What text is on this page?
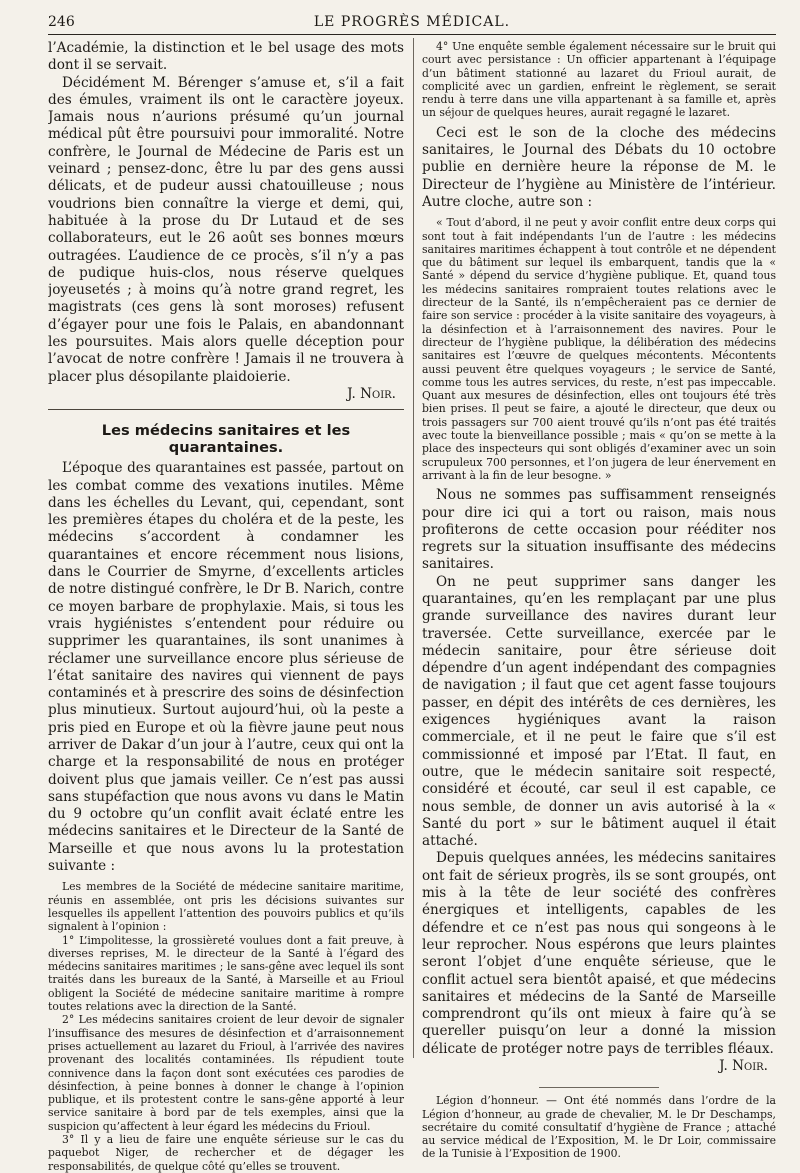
246	LE PROGRÈS MÉDICAL.

l’Académie, la distinction et le bel usage des mots dont il se servait.

Décidément M. Bérenger s’amuse et, s’il a fait des émules, vraiment ils ont le caractère joyeux. Jamais nous n’aurions présumé qu’un journal médical pût être poursuivi pour immoralité. Notre confrère, le Journal de Médecine de Paris est un veinard ; pensez-donc, être lu par des gens aussi délicats, et de pudeur aussi chatouilleuse ; nous voudrions bien connaître la vierge et demi, qui, habituée à la prose du Dr Lutaud et de ses collaborateurs, eut le 26 août ses bonnes mœurs outragées. L’audience de ce procès, s’il n’y a pas de pudique huis-clos, nous réserve quelques joyeusetés ; à moins qu’à notre grand regret, les magistrats (ces gens là sont moroses) refusent d’égayer pour une fois le Palais, en abandonnant les poursuites. Mais alors quelle déception pour l’avocat de notre confrère ! Jamais il ne trouvera à placer plus désopilante plaidoierie.

J. Noir.

Les médecins sanitaires et les quarantaines.

L’époque des quarantaines est passée, partout on les combat comme des vexations inutiles. Même dans les échelles du Levant, qui, cependant, sont les premières étapes du choléra et de la peste, les médecins s’accordent à condamner les quarantaines et encore récemment nous lisions, dans le Courrier de Smyrne, d’excellents articles de notre distingué confrère, le Dr B. Narich, contre ce moyen barbare de prophylaxie. Mais, si tous les vrais hygiénistes s’entendent pour réduire ou supprimer les quarantaines, ils sont unanimes à réclamer une surveillance encore plus sérieuse de l’état sanitaire des navires qui viennent de pays contaminés et à prescrire des soins de désinfection plus minutieux. Surtout aujourd’hui, où la peste a pris pied en Europe et où la fièvre jaune peut nous arriver de Dakar d’un jour à l’autre, ceux qui ont la charge et la responsabilité de nous en protéger doivent plus que jamais veiller. Ce n’est pas aussi sans stupéfaction que nous avons vu dans le Matin du 9 octobre qu’un conflit avait éclaté entre les médecins sanitaires et le Directeur de la Santé de Marseille et que nous avons lu la protestation suivante :

Les membres de la Société de médecine sanitaire maritime, réunis en assemblée, ont pris les décisions suivantes sur lesquelles ils appellent l’attention des pouvoirs publics et qu’ils signalent à l’opinion :

1° L’impolitesse, la grossièreté voulues dont a fait preuve, à diverses reprises, M. le directeur de la Santé à l’égard des médecins sanitaires maritimes ; le sans-gêne avec lequel ils sont traités dans les bureaux de la Santé, à Marseille et au Frioul obligent la Société de médecine sanitaire maritime à rompre toutes relations avec la direction de la Santé.

2° Les médecins sanitaires croient de leur devoir de signaler l’insuffisance des mesures de désinfection et d’arraisonnement prises actuellement au lazaret du Frioul, à l’arrivée des navires provenant des localités contaminées. Ils répudient toute connivence dans la façon dont sont exécutées ces parodies de désinfection, à peine bonnes à donner le change à l’opinion publique, et ils protestent contre le sans-gêne apporté à leur service sanitaire à bord par de tels exemples, ainsi que la suspicion qu’affectent à leur égard les médecins du Frioul.

3° Il y a lieu de faire une enquête sérieuse sur le cas du paquebot Niger, de rechercher et de dégager les responsabilités, de quelque côté qu’elles se trouvent.

4° Une enquête semble également nécessaire sur le bruit qui court avec persistance : Un officier appartenant à l’équipage d’un bâtiment stationné au lazaret du Frioul aurait, de complicité avec un gardien, enfreint le règlement, se serait rendu à terre dans une villa appartenant à sa famille et, après un séjour de quelques heures, aurait regagné le lazaret.

Ceci est le son de la cloche des médecins sanitaires, le Journal des Débats du 10 octobre publie en dernière heure la réponse de M. le Directeur de l’hygiène au Ministère de l’intérieur. Autre cloche, autre son :

« Tout d’abord, il ne peut y avoir conflit entre deux corps qui sont tout à fait indépendants l’un de l’autre : les médecins sanitaires maritimes échappent à tout contrôle et ne dépendent que du bâtiment sur lequel ils embarquent, tandis que la « Santé » dépend du service d’hygiène publique. Et, quand tous les médecins sanitaires rompraient toutes relations avec le directeur de la Santé, ils n’empêcheraient pas ce dernier de faire son service : procéder à la visite sanitaire des voyageurs, à la désinfection et à l’arraisonnement des navires. Pour le directeur de l’hygiène publique, la délibération des médecins sanitaires est l’œuvre de quelques mécontents. Mécontents aussi peuvent être quelques voyageurs ; le service de Santé, comme tous les autres services, du reste, n’est pas impeccable. Quant aux mesures de désinfection, elles ont toujours été très bien prises. Il peut se faire, a ajouté le directeur, que deux ou trois passagers sur 700 aient trouvé qu’ils n’ont pas été traités avec toute la bienveillance possible ; mais « qu’on se mette à la place des inspecteurs qui sont obligés d’examiner avec un soin scrupuleux 700 personnes, et l’on jugera de leur énervement en arrivant à la fin de leur besogne. »

Nous ne sommes pas suffisamment renseignés pour dire ici qui a tort ou raison, mais nous profiterons de cette occasion pour rééditer nos regrets sur la situation insuffisante des médecins sanitaires.

On ne peut supprimer sans danger les quarantaines, qu’en les remplaçant par une plus grande surveillance des navires durant leur traversée. Cette surveillance, exercée par le médecin sanitaire, pour être sérieuse doit dépendre d’un agent indépendant des compagnies de navigation ; il faut que cet agent fasse toujours passer, en dépit des intérêts de ces dernières, les exigences hygiéniques avant la raison commerciale, et il ne peut le faire que s’il est commissionné et imposé par l’Etat. Il faut, en outre, que le médecin sanitaire soit respecté, considéré et écouté, car seul il est capable, ce nous semble, de donner un avis autorisé à la « Santé du port » sur le bâtiment auquel il était attaché.

Depuis quelques années, les médecins sanitaires ont fait de sérieux progrès, ils se sont groupés, ont mis à la tête de leur société des confrères énergiques et intelligents, capables de les défendre et ce n’est pas nous qui songeons à le leur reprocher. Nous espérons que leurs plaintes seront l’objet d’une enquête sérieuse, que le conflit actuel sera bientôt apaisé, et que médecins sanitaires et médecins de la Santé de Marseille comprendront qu’ils ont mieux à faire qu’à se quereller puisqu’on leur a donné la mission délicate de protéger notre pays de terribles fléaux.

J. Noir.

Légion d’honneur. — Ont été nommés dans l’ordre de la Légion d’honneur, au grade de chevalier, M. le Dr Deschamps, secrétaire du comité consultatif d’hygiène de France ; attaché au service médical de l’Exposition, M. le Dr Loir, commissaire de la Tunisie à l’Exposition de 1900.
